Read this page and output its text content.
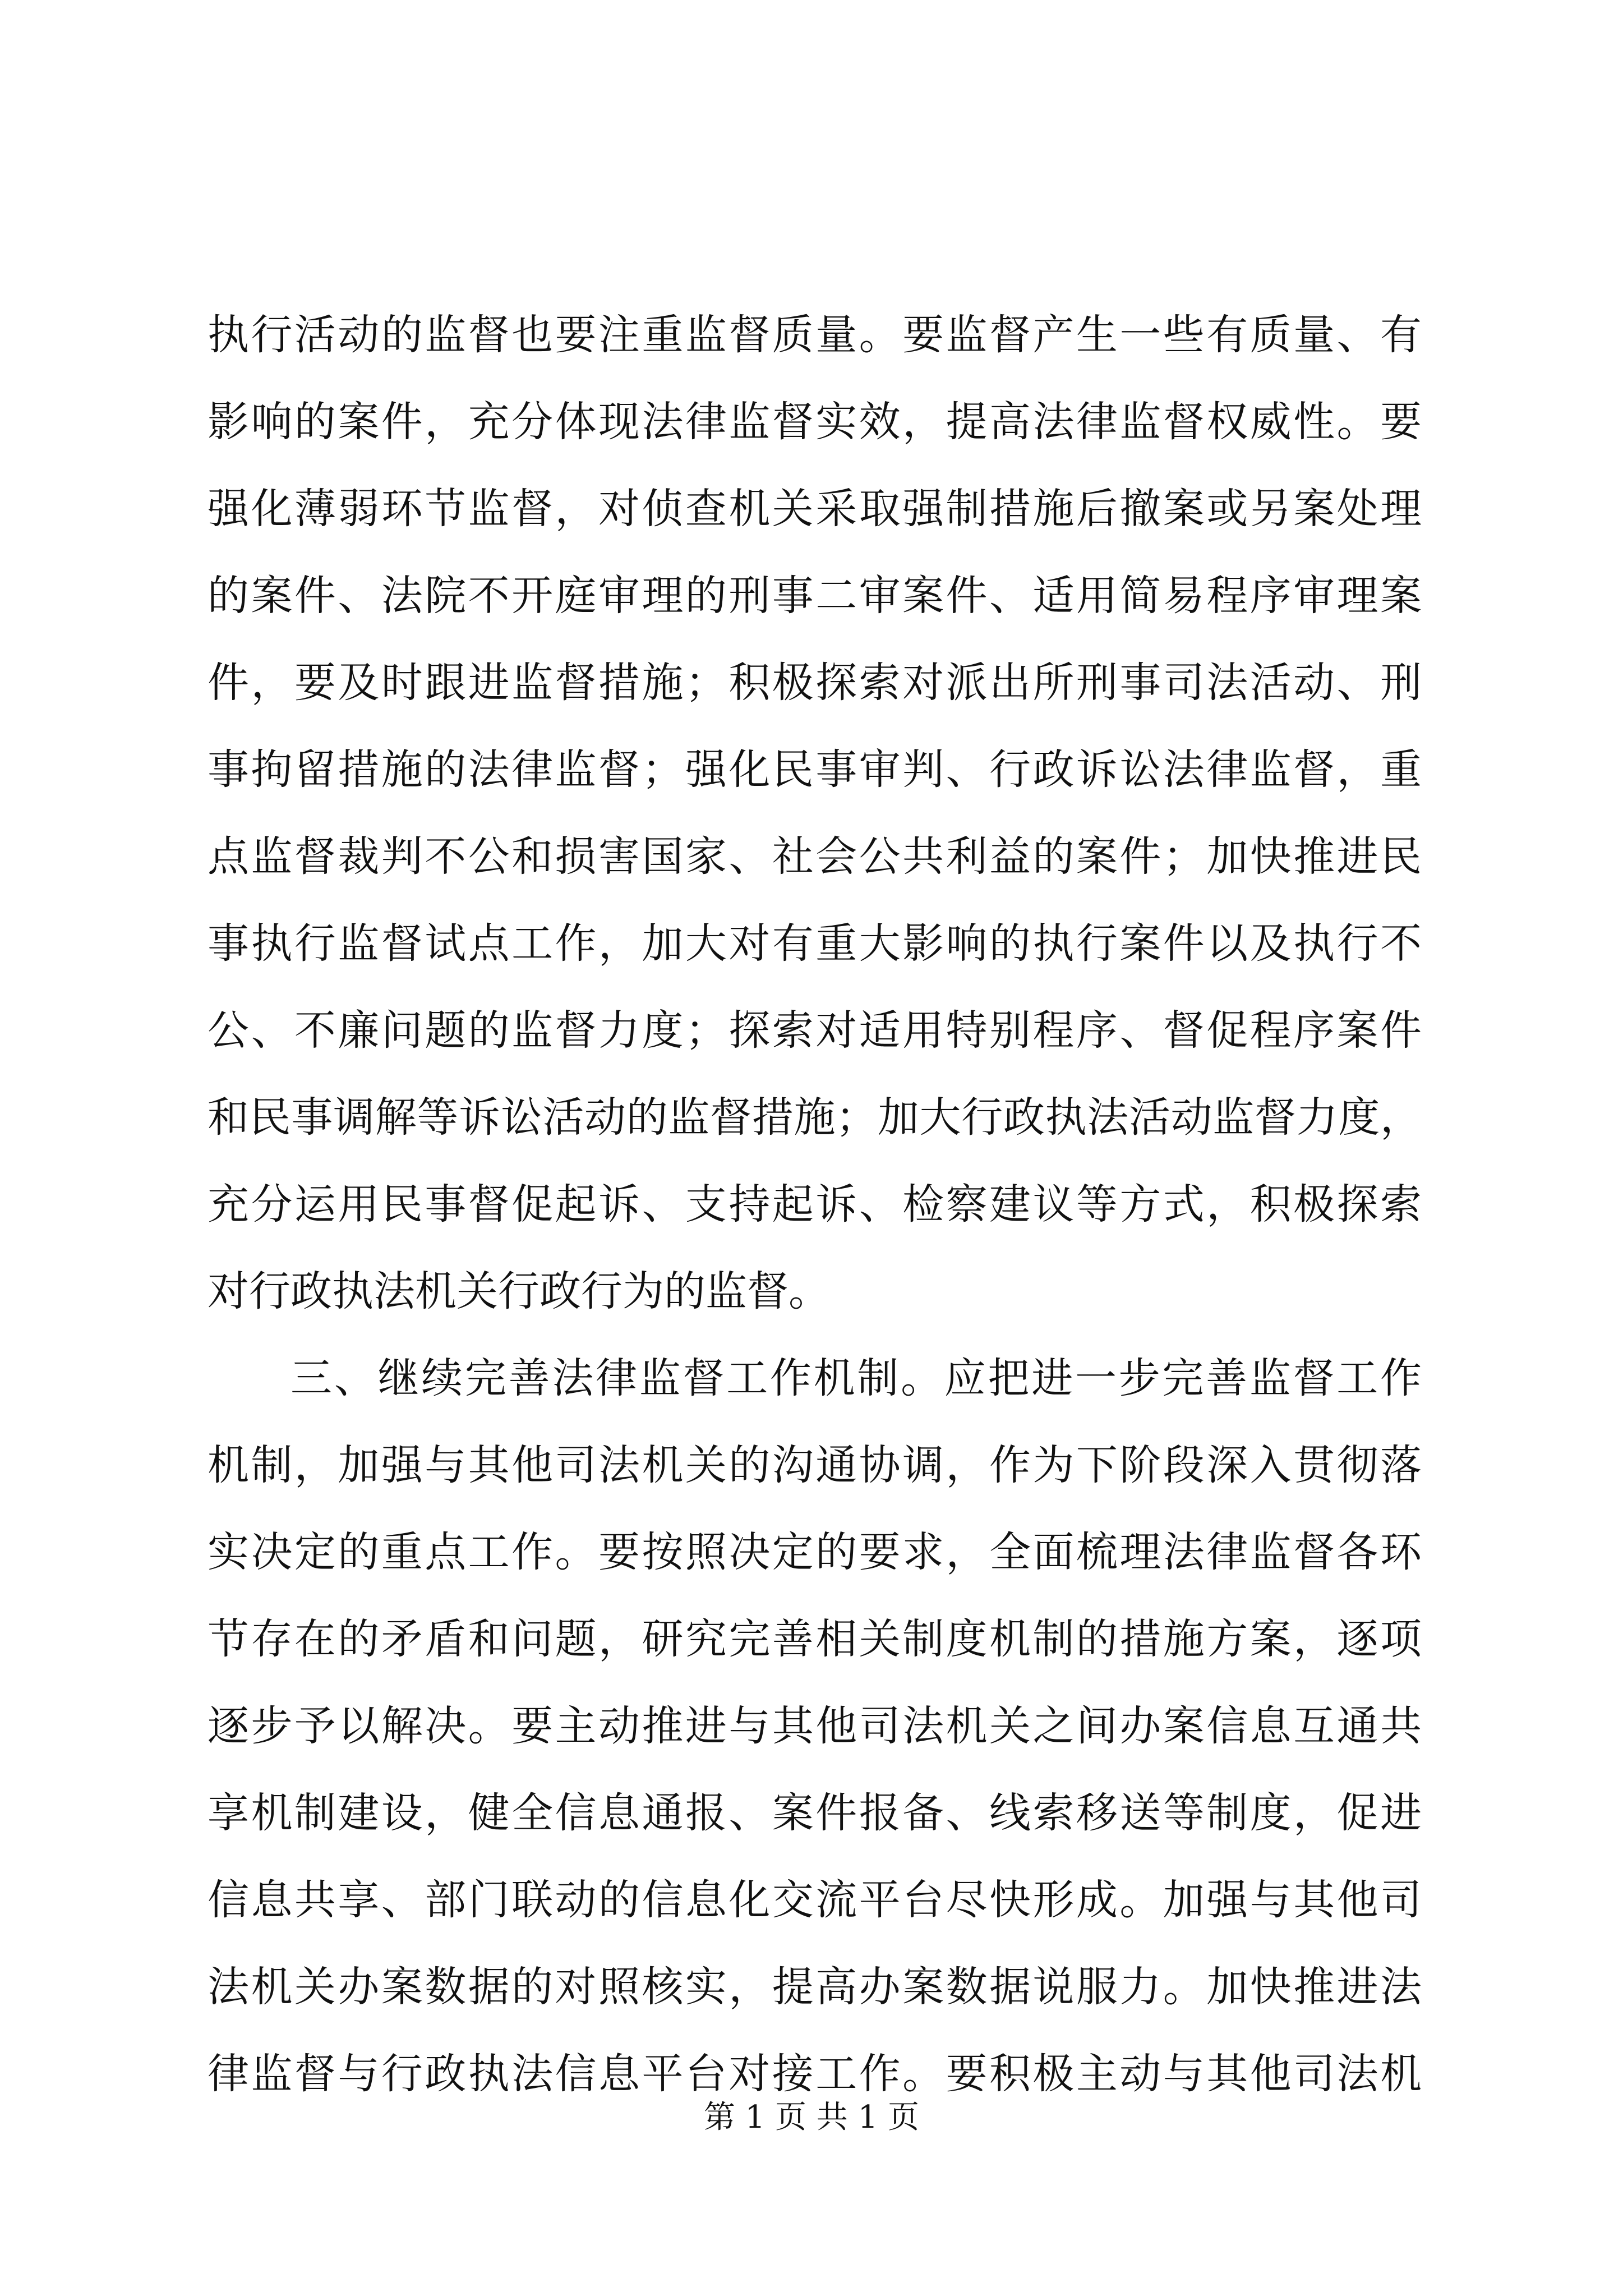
执行活动的监督也要注重监督质量。要监督产生一些有质量、有
影响的案件，充分体现法律监督实效，提高法律监督权威性。要
强化薄弱环节监督，对侦查机关采取强制措施后撤案或另案处理
的案件、法院不开庭审理的刑事二审案件、适用简易程序审理案
件，要及时跟进监督措施；积极探索对派出所刑事司法活动、刑
事拘留措施的法律监督；强化民事审判、行政诉讼法律监督，重
点监督裁判不公和损害国家、社会公共利益的案件；加快推进民
事执行监督试点工作，加大对有重大影响的执行案件以及执行不
公、不廉问题的监督力度；探索对适用特别程序、督促程序案件
和民事调解等诉讼活动的监督措施；加大行政执法活动监督力度，
充分运用民事督促起诉、支持起诉、检察建议等方式，积极探索
对行政执法机关行政行为的监督。
三、继续完善法律监督工作机制。应把进一步完善监督工作
机制，加强与其他司法机关的沟通协调，作为下阶段深入贯彻落
实决定的重点工作。要按照决定的要求，全面梳理法律监督各环
节存在的矛盾和问题，研究完善相关制度机制的措施方案，逐项
逐步予以解决。要主动推进与其他司法机关之间办案信息互通共
享机制建设，健全信息通报、案件报备、线索移送等制度，促进
信息共享、部门联动的信息化交流平台尽快形成。加强与其他司
法机关办案数据的对照核实，提高办案数据说服力。加快推进法
律监督与行政执法信息平台对接工作。要积极主动与其他司法机
第 1 页 共 1 页
